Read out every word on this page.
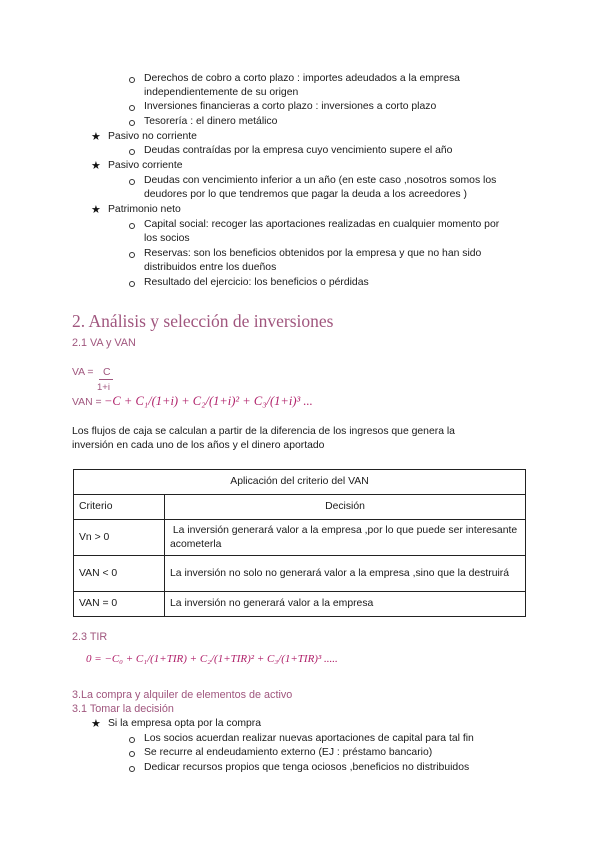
Derechos de cobro a corto plazo : importes adeudados a la empresa
independientemente de su origen
Inversiones financieras a corto plazo : inversiones a corto plazo
Tesorería : el dinero metálico
★ Pasivo no corriente
Deudas contraídas por la empresa cuyo vencimiento supere el año
★ Pasivo corriente
Deudas con vencimiento inferior a un año (en este caso ,nosotros somos los
deudores por lo que tendremos que pagar la deuda a los acreedores )
★ Patrimonio neto
Capital social: recoger las aportaciones realizadas en cualquier momento por
los socios
Reservas: son los beneficios obtenidos por la empresa y que no han sido
distribuidos entre los dueños
Resultado del ejercicio: los beneficios o pérdidas
2. Análisis y selección de inversiones
2.1 VA y VAN
VA = C
1+i
VAN = −C + C₁/(1+i) + C₂/(1+i)² + C₃/(1+i)³ ...
Los flujos de caja se calculan a partir de la diferencia de los ingresos que genera la
inversión en cada uno de los años y el dinero aportado
Aplicación del criterio del VAN	
Criterio	Decisión
Vn > 0	La inversión generará valor a la empresa ,por lo que puede ser interesante acometerla
VAN < 0	La inversión no solo no generará valor a la empresa ,sino que la destruirá
VAN = 0	La inversión no generará valor a la empresa
2.3 TIR
0 = −C₀ + C₁/(1+TIR) + C₂/(1+TIR)² + C₃/(1+TIR)³ .....
3.La compra y alquiler de elementos de activo
3.1 Tomar la decisión
★ Si la empresa opta por la compra
Los socios acuerdan realizar nuevas aportaciones de capital para tal fin
Se recurre al endeudamiento externo (EJ : préstamo bancario)
Dedicar recursos propios que tenga ociosos ,beneficios no distribuidos
